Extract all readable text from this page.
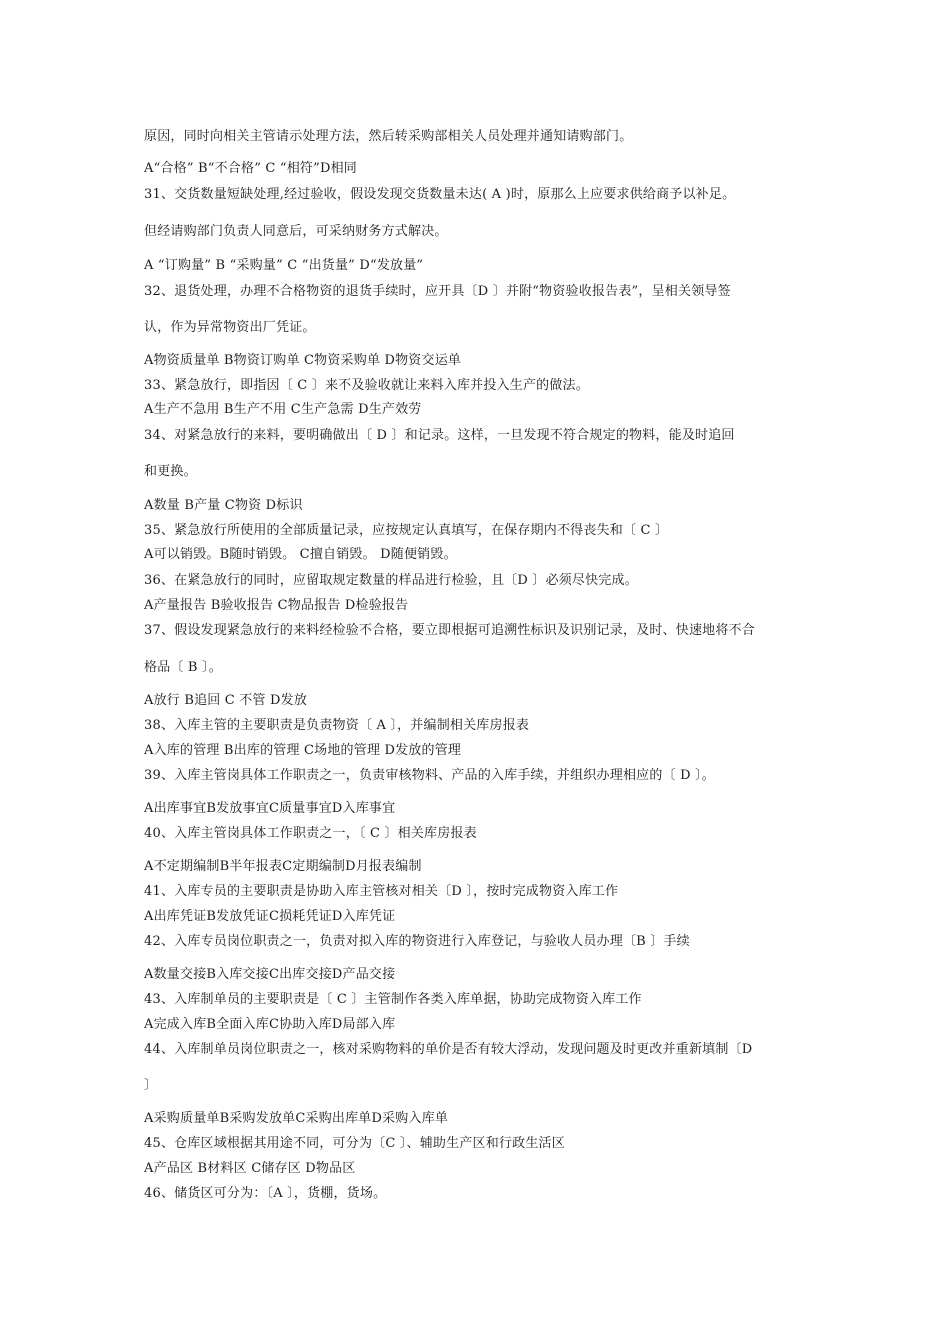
原因，同时向相关主管请示处理方法，然后转采购部相关人员处理并通知请购部门。
A“合格” B“不合格” C “相符”D相同
31、交货数量短缺处理,经过验收，假设发现交货数量未达( A )时，原那么上应要求供给商予以补足。
但经请购部门负责人同意后，可采纳财务方式解决。
A “订购量” B “采购量” C “出货量” D“发放量”
32、退货处理，办理不合格物资的退货手续时，应开具〔D 〕并附“物资验收报告表”，呈相关领导签
认，作为异常物资出厂凭证。
A物资质量单 B物资订购单 C物资采购单 D物资交运单
33、紧急放行，即指因〔 C 〕来不及验收就让来料入库并投入生产的做法。
A生产不急用 B生产不用 C生产急需 D生产效劳
34、对紧急放行的来料，要明确做出〔 D 〕和记录。这样，一旦发现不符合规定的物料，能及时追回
和更换。
A数量 B产量 C物资 D标识
35、紧急放行所使用的全部质量记录，应按规定认真填写，在保存期内不得丧失和〔 C 〕
A可以销毁。B随时销毁。 C擅自销毁。 D随便销毁。
36、在紧急放行的同时，应留取规定数量的样品进行检验，且〔D 〕必须尽快完成。
A产量报告 B验收报告 C物品报告 D检验报告
37、假设发现紧急放行的来料经检验不合格，要立即根据可追溯性标识及识别记录，及时、快速地将不合
格品〔 B 〕。
A放行 B追回 C 不管 D发放
38、入库主管的主要职责是负责物资〔 A 〕，并编制相关库房报表
A入库的管理 B出库的管理 C场地的管理 D发放的管理
39、入库主管岗具体工作职责之一，负责审核物料、产品的入库手续，并组织办理相应的〔 D 〕。
A出库事宜B发放事宜C质量事宜D入库事宜
40、入库主管岗具体工作职责之一，〔 C 〕相关库房报表
A不定期编制B半年报表C定期编制D月报表编制
41、入库专员的主要职责是协助入库主管核对相关〔D 〕，按时完成物资入库工作
A出库凭证B发放凭证C损耗凭证D入库凭证
42、入库专员岗位职责之一，负责对拟入库的物资进行入库登记，与验收人员办理〔B 〕手续
A数量交接B入库交接C出库交接D产品交接
43、入库制单员的主要职责是〔 C 〕主管制作各类入库单据，协助完成物资入库工作
A完成入库B全面入库C协助入库D局部入库
44、入库制单员岗位职责之一，核对采购物料的单价是否有较大浮动，发现问题及时更改并重新填制〔D
〕
A采购质量单B采购发放单C采购出库单D采购入库单
45、仓库区域根据其用途不同，可分为〔C 〕、辅助生产区和行政生活区
A产品区 B材料区 C储存区 D物品区
46、储货区可分为：〔A 〕，货棚，货场。
